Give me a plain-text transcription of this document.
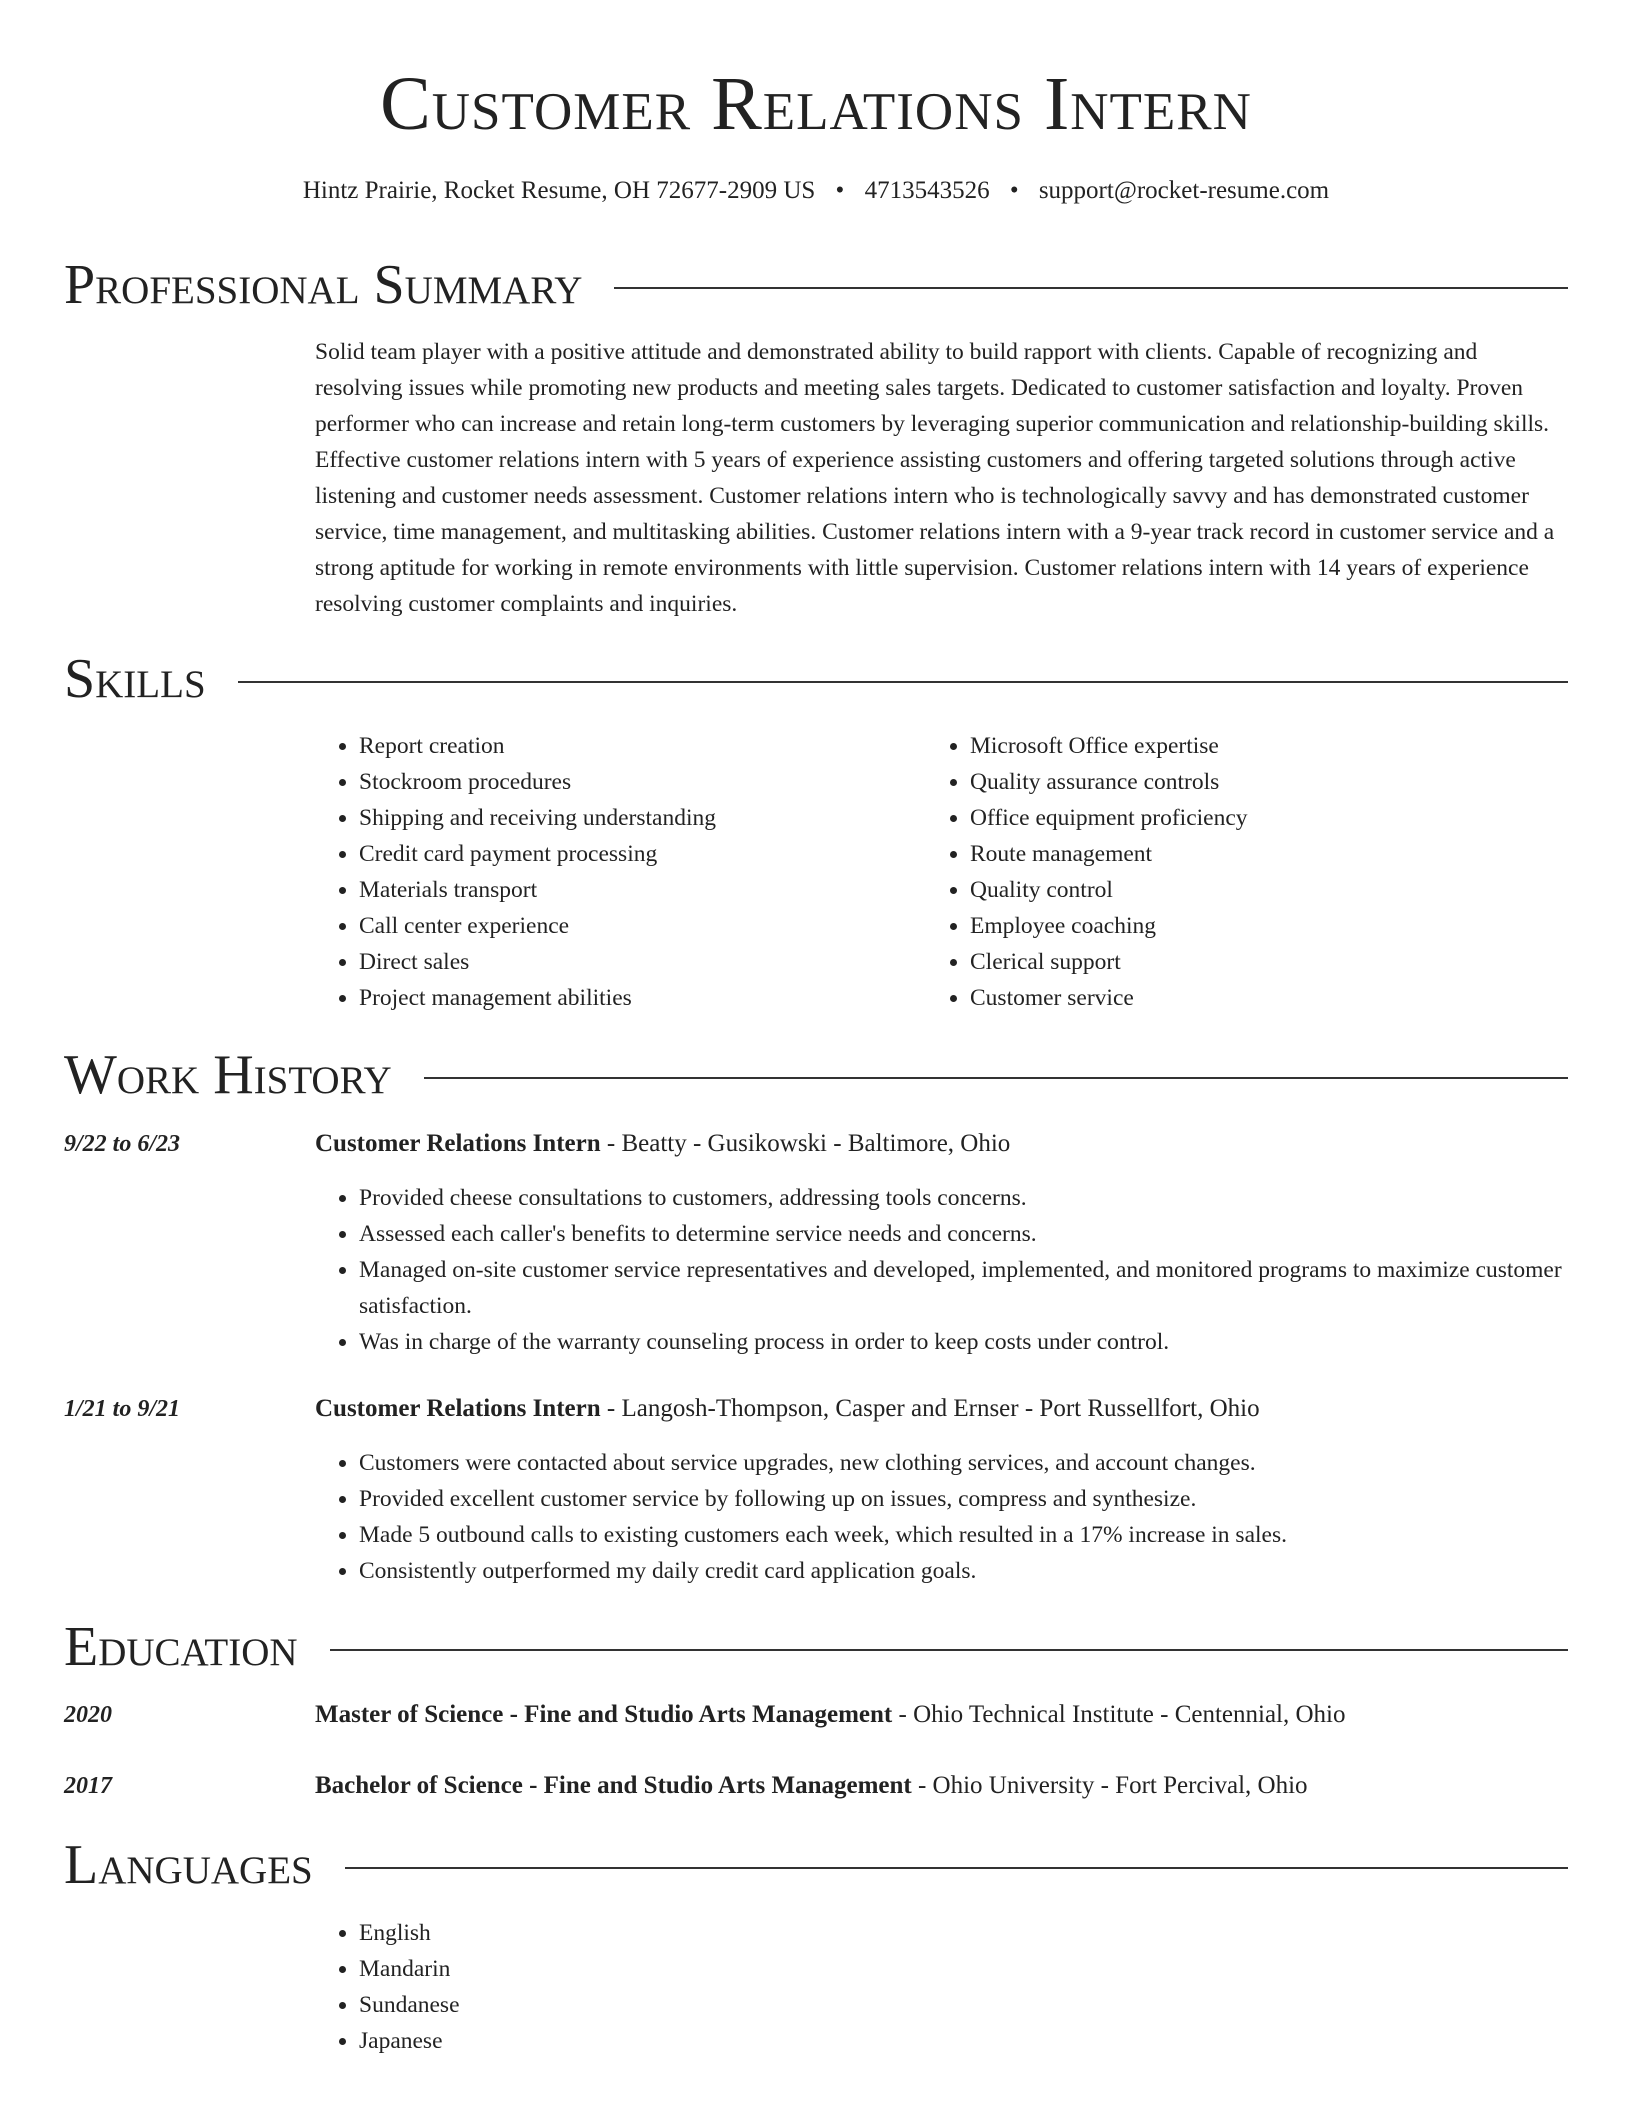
Customer Relations Intern
Hintz Prairie, Rocket Resume, OH 72677-2909 US • 4713543526 • support@rocket-resume.com
Professional Summary
Solid team player with a positive attitude and demonstrated ability to build rapport with clients. Capable of recognizing and resolving issues while promoting new products and meeting sales targets. Dedicated to customer satisfaction and loyalty. Proven performer who can increase and retain long-term customers by leveraging superior communication and relationship-building skills. Effective customer relations intern with 5 years of experience assisting customers and offering targeted solutions through active listening and customer needs assessment. Customer relations intern who is technologically savvy and has demonstrated customer service, time management, and multitasking abilities. Customer relations intern with a 9-year track record in customer service and a strong aptitude for working in remote environments with little supervision. Customer relations intern with 14 years of experience resolving customer complaints and inquiries.
Skills
• Report creation
• Stockroom procedures
• Shipping and receiving understanding
• Credit card payment processing
• Materials transport
• Call center experience
• Direct sales
• Project management abilities
• Microsoft Office expertise
• Quality assurance controls
• Office equipment proficiency
• Route management
• Quality control
• Employee coaching
• Clerical support
• Customer service
Work History
9/22 to 6/23	Customer Relations Intern - Beatty - Gusikowski - Baltimore, Ohio
• Provided cheese consultations to customers, addressing tools concerns.
• Assessed each caller's benefits to determine service needs and concerns.
• Managed on-site customer service representatives and developed, implemented, and monitored programs to maximize customer satisfaction.
• Was in charge of the warranty counseling process in order to keep costs under control.
1/21 to 9/21	Customer Relations Intern - Langosh-Thompson, Casper and Ernser - Port Russellfort, Ohio
• Customers were contacted about service upgrades, new clothing services, and account changes.
• Provided excellent customer service by following up on issues, compress and synthesize.
• Made 5 outbound calls to existing customers each week, which resulted in a 17% increase in sales.
• Consistently outperformed my daily credit card application goals.
Education
2020	Master of Science - Fine and Studio Arts Management - Ohio Technical Institute - Centennial, Ohio
2017	Bachelor of Science - Fine and Studio Arts Management - Ohio University - Fort Percival, Ohio
Languages
• English
• Mandarin
• Sundanese
• Japanese
